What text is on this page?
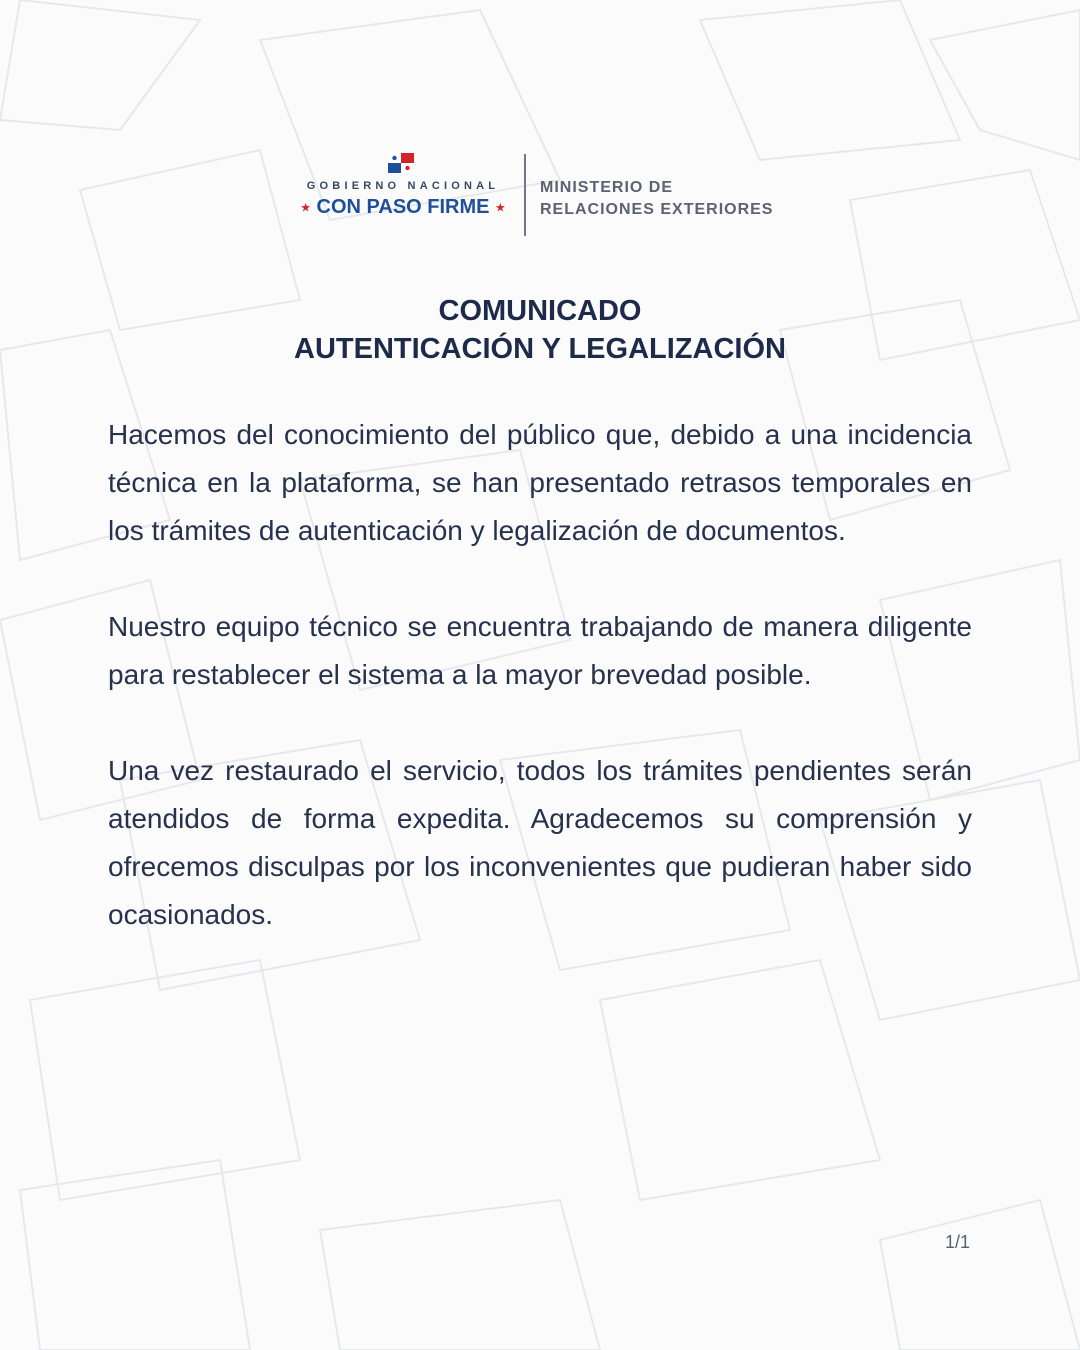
GOBIERNO NACIONAL
★ CON PASO FIRME ★
MINISTERIO DE
RELACIONES EXTERIORES
COMUNICADO
AUTENTICACIÓN Y LEGALIZACIÓN

Hacemos del conocimiento del público que, debido a una incidencia técnica en la plataforma, se han presentado retrasos temporales en los trámites de autenticación y legalización de documentos.

Nuestro equipo técnico se encuentra trabajando de manera diligente para restablecer el sistema a la mayor brevedad posible.

Una vez restaurado el servicio, todos los trámites pendientes serán atendidos de forma expedita. Agradecemos su comprensión y ofrecemos disculpas por los inconvenientes que pudieran haber sido ocasionados.

1/1
